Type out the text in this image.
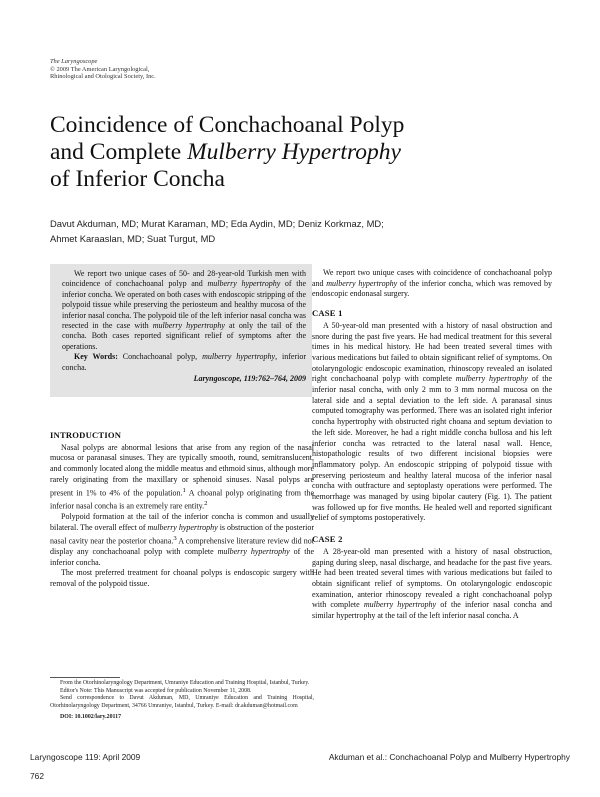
The Laryngoscope
© 2009 The American Laryngological,
Rhinological and Otological Society, Inc.
Coincidence of Conchachoanal Polyp
and Complete Mulberry Hypertrophy
of Inferior Concha
Davut Akduman, MD; Murat Karaman, MD; Eda Aydin, MD; Deniz Korkmaz, MD;
Ahmet Karaaslan, MD; Suat Turgut, MD

We report two unique cases of 50- and 28-year-old Turkish men with coincidence of conchachoanal polyp and mulberry hypertrophy of the inferior concha. We operated on both cases with endoscopic stripping of the polypoid tissue while preserving the periosteum and healthy mucosa of the inferior nasal concha. The polypoid tile of the left inferior nasal concha was resected in the case with mulberry hypertrophy at only the tail of the concha. Both cases reported significant relief of symptoms after the operations.

Key Words: Conchachoanal polyp, mulberry hypertrophy, inferior concha.

Laryngoscope, 119:762–764, 2009
INTRODUCTION

Nasal polyps are abnormal lesions that arise from any region of the nasal mucosa or paranasal sinuses. They are typically smooth, round, semitranslucent, and commonly located along the middle meatus and ethmoid sinus, although more rarely originating from the maxillary or sphenoid sinuses. Nasal polyps are present in 1% to 4% of the population.$^1$ A choanal polyp originating from the inferior nasal concha is an extremely rare entity.$^2$

Polypoid formation at the tail of the inferior concha is common and usually bilateral. The overall effect of mulberry hypertrophy is obstruction of the posterior nasal cavity near the posterior choana.$^3$ A comprehensive literature review did not display any conchachoanal polyp with complete mulberry hypertrophy of the inferior concha.

The most preferred treatment for choanal polyps is endoscopic surgery with removal of the polypoid tissue.

From the Otorhinolaryngology Department, Umraniye Education and Training Hospital, Istanbul, Turkey.

Editor's Note: This Manuscript was accepted for publication November 11, 2008.

Send correspondence to Davut Akduman, MD, Umraniye Education and Training Hospital, Otorhinolaryngology Department, 34766 Umraniye, Istanbul, Turkey. E-mail: dr.akduman@hotmail.com

DOI: 10.1002/lary.20117

We report two unique cases with coincidence of conchachoanal polyp and mulberry hypertrophy of the inferior concha, which was removed by endoscopic endonasal surgery.

CASE 1

A 50-year-old man presented with a history of nasal obstruction and snore during the past five years. He had medical treatment for this several times in his medical history. He had been treated several times with various medications but failed to obtain significant relief of symptoms. On otolaryngologic endoscopic examination, rhinoscopy revealed an isolated right conchachoanal polyp with complete mulberry hypertrophy of the inferior nasal concha, with only 2 mm to 3 mm normal mucosa on the lateral side and a septal deviation to the left side. A paranasal sinus computed tomography was performed. There was an isolated right inferior concha hypertrophy with obstructed right choana and septum deviation to the left side. Moreover, he had a right middle concha bullosa and his left inferior concha was retracted to the lateral nasal wall. Hence, histopathologic results of two different incisional biopsies were inflammatory polyp. An endoscopic stripping of polypoid tissue with preserving periosteum and healthy lateral mucosa of the inferior nasal concha with outfracture and septoplasty operations were performed. The hemorrhage was managed by using bipolar cautery (Fig. 1). The patient was followed up for five months. He healed well and reported significant relief of symptoms postoperatively.

CASE 2

A 28-year-old man presented with a history of nasal obstruction, gaping during sleep, nasal discharge, and headache for the past five years. He had been treated several times with various medications but failed to obtain significant relief of symptoms. On otolaryngologic endoscopic examination, anterior rhinoscopy revealed a right conchachoanal polyp with complete mulberry hypertrophy of the inferior nasal concha and similar hypertrophy at the tail of the left inferior nasal concha. A

Laryngoscope 119: April 2009	Akduman et al.: Conchachoanal Polyp and Mulberry Hypertrophy
762
